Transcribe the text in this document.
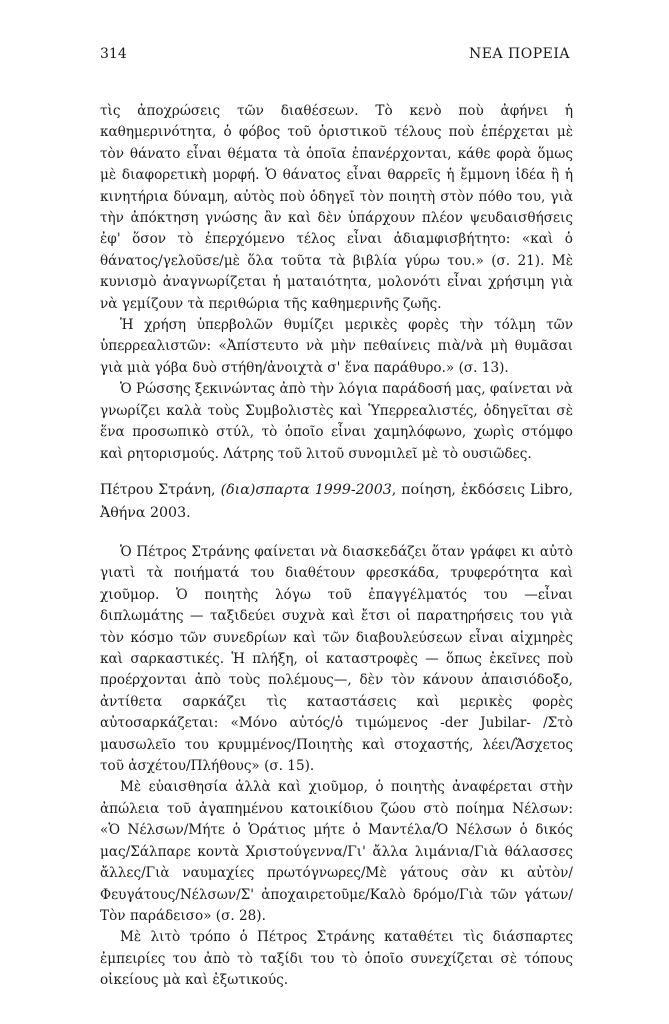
314	ΝΕΑ ΠΟΡΕΙΑ

τὶς ἀποχρώσεις τῶν διαθέσεων. Τὸ κενὸ ποὺ ἀφήνει ἡ καθημερινότητα, ὁ φόβος τοῦ ὁριστικοῦ τέλους ποὺ ἐπέρχεται μὲ τὸν θάνατο εἶναι θέματα τὰ ὁποῖα ἐπανέρχονται, κάθε φορὰ ὅμως μὲ διαφορετικὴ μορφή. Ὁ θάνατος εἶναι θαρρεῖς ἡ ἔμμονη ἰδέα ἢ ἡ κινητήρια δύναμη, αὐτὸς ποὺ ὁδηγεῖ τὸν ποιητὴ στὸν πόθο του, γιὰ τὴν ἀπόκτηση γνώσης ἂν καὶ δὲν ὑπάρχουν πλέον ψευδαισθήσεις ἐφ' ὅσον τὸ ἐπερχόμενο τέλος εἶναι ἀδιαμφισβήτητο: «καὶ ὁ θάνατος/γελοῦσε/μὲ ὅλα τοῦτα τὰ βιβλία γύρω του.» (σ. 21). Μὲ κυνισμὸ ἀναγνωρίζεται ἡ ματαιότητα, μολονότι εἶναι χρήσιμη γιὰ νὰ γεμίζουν τὰ περιθώρια τῆς καθημερινῆς ζωῆς.

Ἡ χρήση ὑπερβολῶν θυμίζει μερικὲς φορὲς τὴν τόλμη τῶν ὑπερρεαλιστῶν: «Ἀπίστευτο νὰ μὴν πεθαίνεις πιὰ/νὰ μὴ θυμᾶσαι γιὰ μιὰ γόβα δυὸ στήθη/ἀνοιχτὰ σ' ἕνα παράθυρο.» (σ. 13).

Ὁ Ρώσσης ξεκινώντας ἀπὸ τὴν λόγια παράδοσή μας, φαίνεται νὰ γνωρίζει καλὰ τοὺς Συμβολιστὲς καὶ Ὑπερρεαλιστές, ὁδηγεῖται σὲ ἕνα προσωπικὸ στύλ, τὸ ὁποῖο εἶναι χαμηλόφωνο, χωρὶς στόμφο καὶ ρητορισμούς. Λάτρης τοῦ λιτοῦ συνομιλεῖ μὲ τὸ ουσιῶδες.

Πέτρου Στράνη, (δια)σπαρτα 1999-2003, ποίηση, ἐκδόσεις Libro, Ἀθήνα 2003.

Ὁ Πέτρος Στράνης φαίνεται νὰ διασκεδάζει ὅταν γράφει κι αὐτὸ γιατὶ τὰ ποιήματά του διαθέτουν φρεσκάδα, τρυφερότητα καὶ χιοῦμορ. Ὁ ποιητὴς λόγω τοῦ ἐπαγγέλματός του —εἶναι διπλωμάτης — ταξιδεύει συχνὰ καὶ ἔτσι οἱ παρατηρήσεις του γιὰ τὸν κόσμο τῶν συνεδρίων καὶ τῶν διαβουλεύσεων εἶναι αἰχμηρὲς καὶ σαρκαστικές. Ἡ πλήξη, οἱ καταστροφὲς — ὅπως ἐκεῖνες ποὺ προέρχονται ἀπὸ τοὺς πολέμους—, δὲν τὸν κάνουν ἀπαισιόδοξο, ἀντίθετα σαρκάζει τὶς καταστάσεις καὶ μερικὲς φορὲς αὐτοσαρκάζεται: «Μόνο αὐτός/ὁ τιμώμενος -der Jubilar- /Στὸ μαυσωλεῖο του κρυμμένος/Ποιητὴς καὶ στοχαστής, λέει/Ἄσχετος τοῦ ἀσχέτου/Πλήθους» (σ. 15).

Μὲ εὐαισθησία ἀλλὰ καὶ χιοῦμορ, ὁ ποιητὴς ἀναφέρεται στὴν ἀπώλεια τοῦ ἀγαπημένου κατοικίδιου ζώου στὸ ποίημα Νέλσων: «Ὁ Νέλσων/Μήτε ὁ Ὁράτιος μήτε ὁ Μαντέλα/Ὁ Νέλσων ὁ δικός μας/Σάλπαρε κοντὰ Χριστούγεννα/Γι' ἄλλα λιμάνια/Γιὰ θάλασσες ἄλλες/Γιὰ ναυμαχίες πρωτόγνωρες/Μὲ γάτους σὰν κι αὐτὸν/Φευγάτους/Νέλσων/Σ' ἀποχαιρετοῦμε/Καλὸ δρόμο/Γιὰ τῶν γάτων/Τὸν παράδεισο» (σ. 28).

Μὲ λιτὸ τρόπο ὁ Πέτρος Στράνης καταθέτει τὶς διάσπαρτες ἐμπειρίες του ἀπὸ τὸ ταξίδι του τὸ ὁποῖο συνεχίζεται σὲ τόπους οἰκείους μὰ καὶ ἐξωτικούς.
